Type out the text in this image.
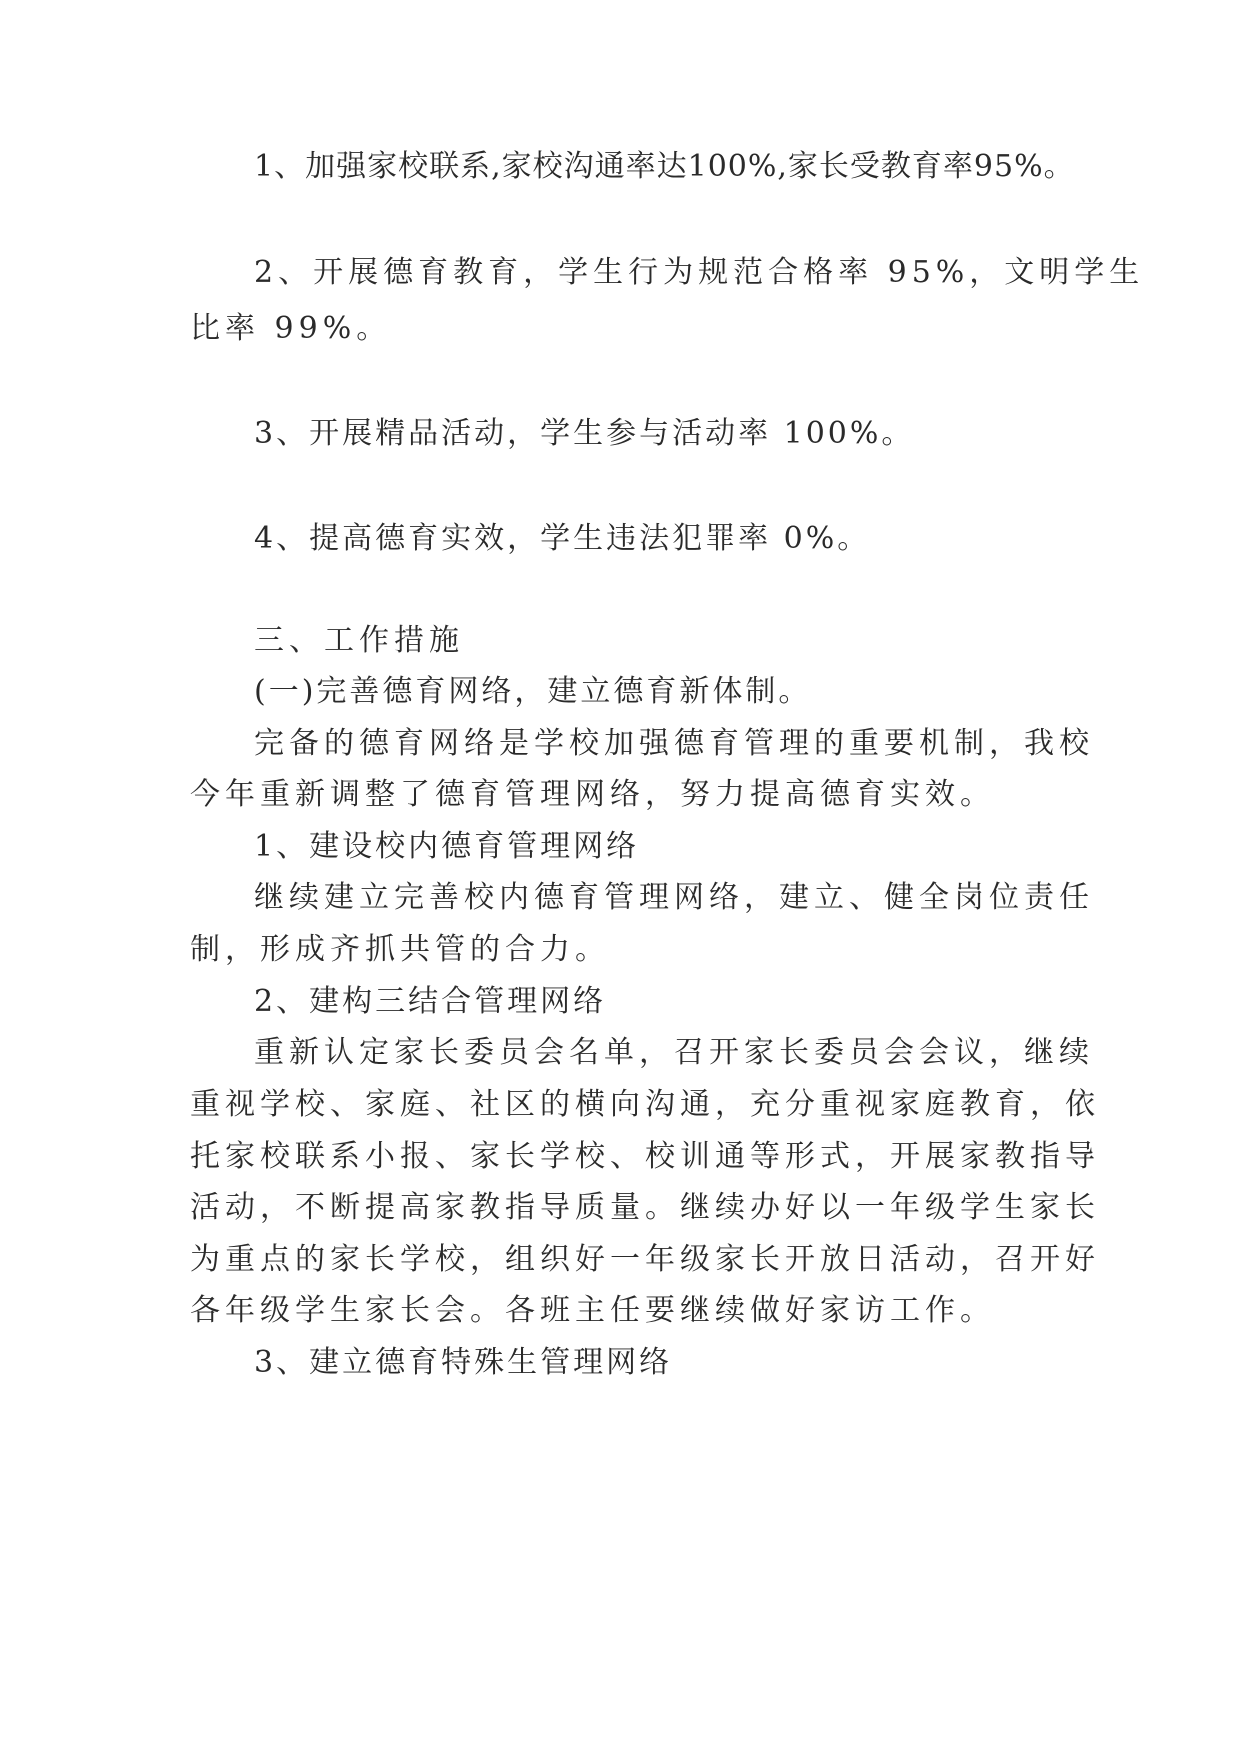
1、加强家校联系,家校沟通率达100%,家长受教育率95%。
2、开展德育教育，学生行为规范合格率 95%，文明学生
比率 99%。
3、开展精品活动，学生参与活动率 100%。
4、提高德育实效，学生违法犯罪率 0%。
三、工作措施
(一)完善德育网络，建立德育新体制。
完备的德育网络是学校加强德育管理的重要机制，我校
今年重新调整了德育管理网络，努力提高德育实效。
1、建设校内德育管理网络
继续建立完善校内德育管理网络，建立、健全岗位责任
制，形成齐抓共管的合力。
2、建构三结合管理网络
重新认定家长委员会名单，召开家长委员会会议，继续
重视学校、家庭、社区的横向沟通，充分重视家庭教育，依
托家校联系小报、家长学校、校训通等形式，开展家教指导
活动，不断提高家教指导质量。继续办好以一年级学生家长
为重点的家长学校，组织好一年级家长开放日活动，召开好
各年级学生家长会。各班主任要继续做好家访工作。
3、建立德育特殊生管理网络
